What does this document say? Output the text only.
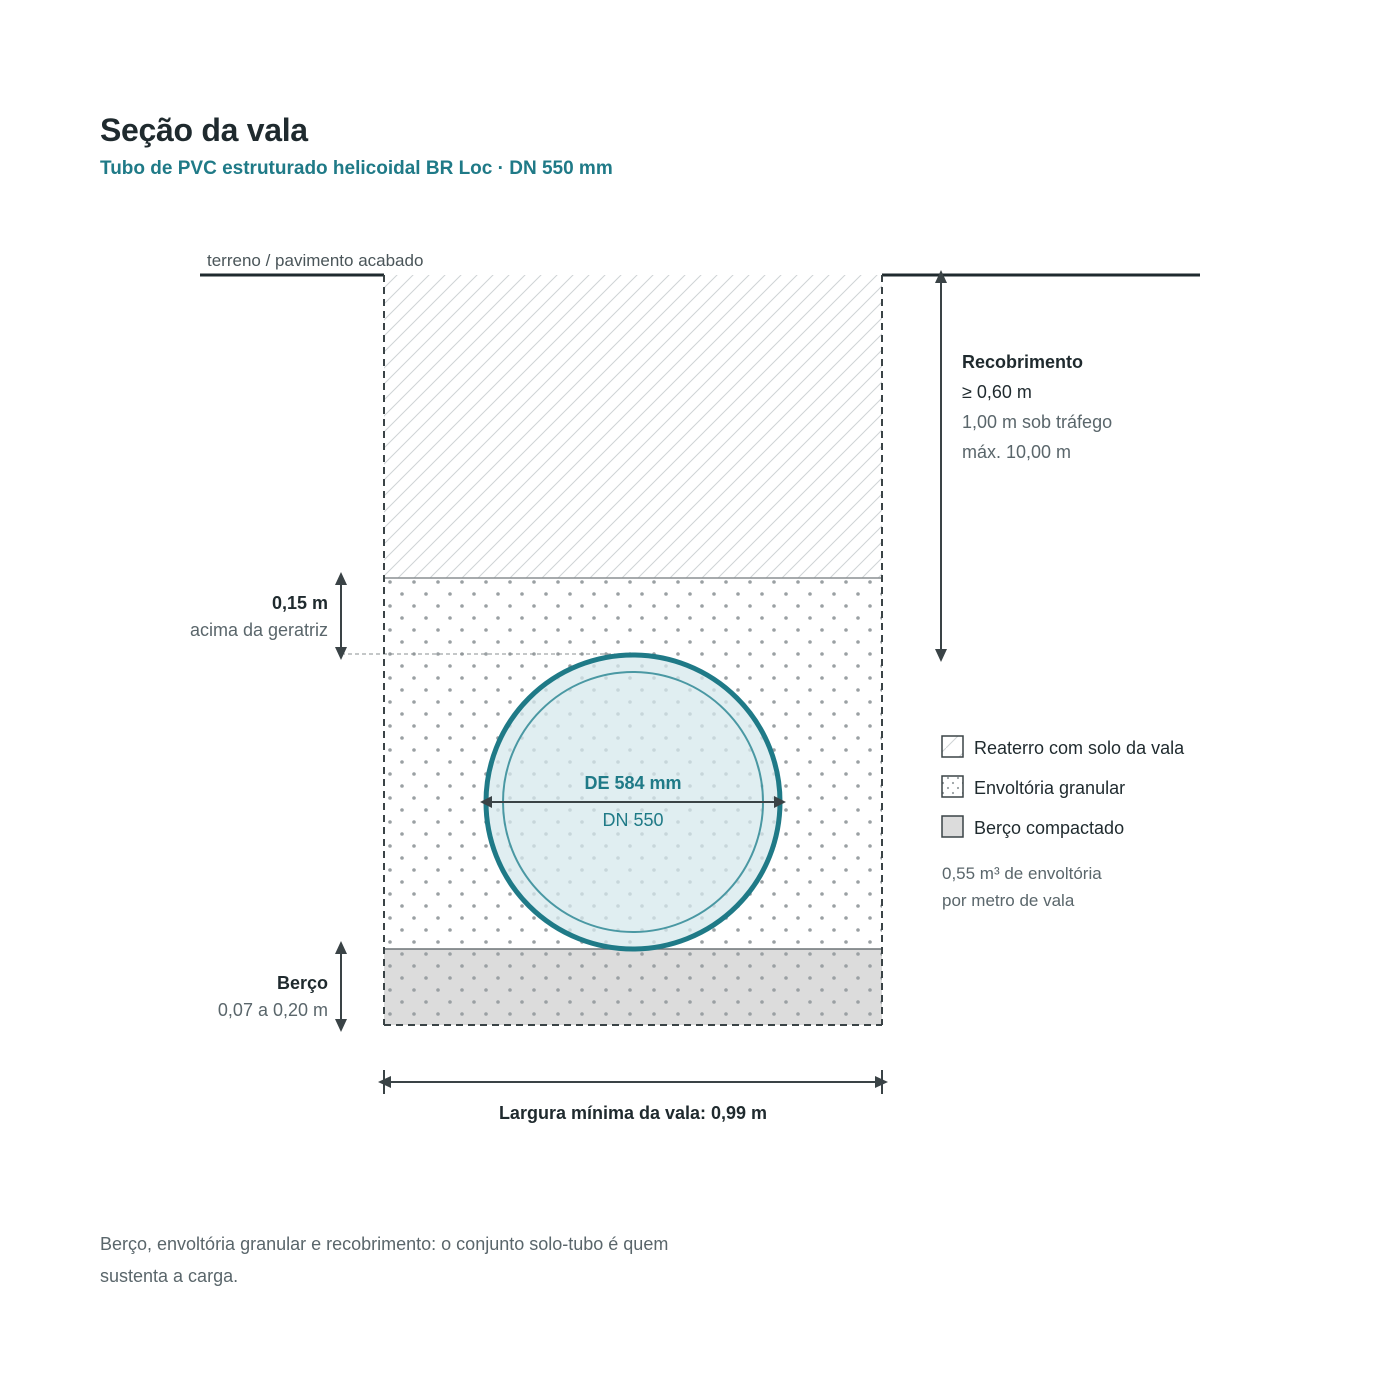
Seção da vala

Tubo de PVC estruturado helicoidal BR Loc · DN 550 mm

terreno / pavimento acabado
DE 584 mm
DN 550
Recobrimento
≥ 0,60 m
1,00 m sob tráfego
máx. 10,00 m
0,15 m
acima da geratriz
Berço
0,07 a 0,20 m
Largura mínima da vala: 0,99 m
Reaterro com solo da vala
Envoltória granular
Berço compactado
0,55 m³ de envoltória
por metro de vala

Berço, envoltória granular e recobrimento: o conjunto solo-tubo é quem sustenta a carga.
